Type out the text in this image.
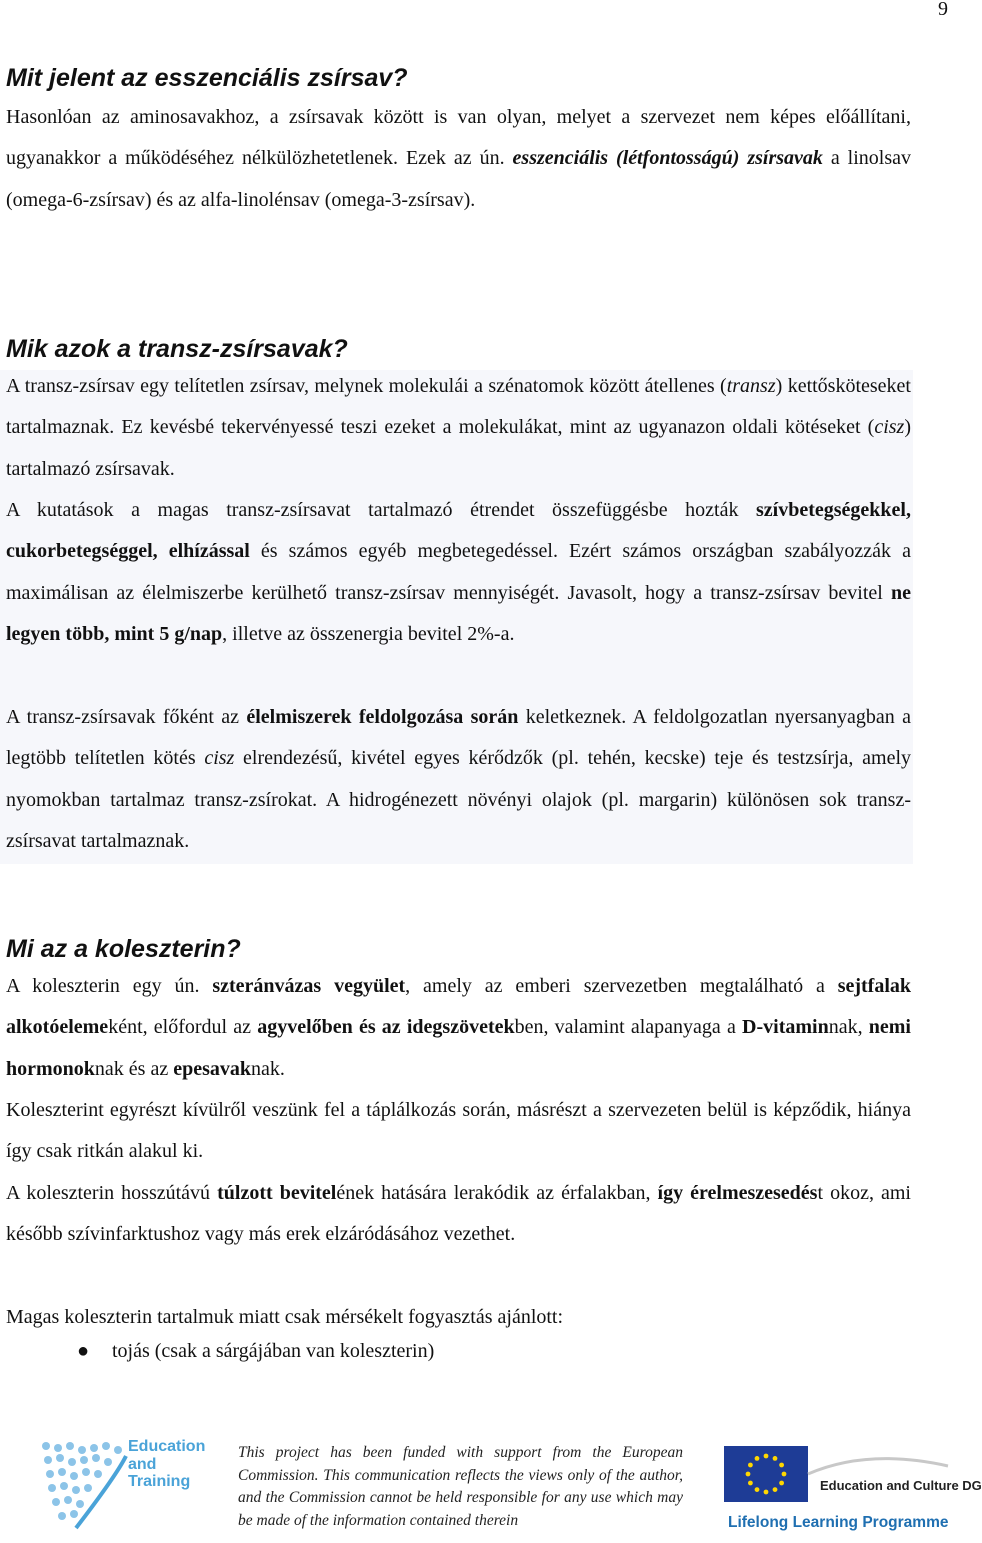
9
Mit jelent az esszenciális zsírsav?

Hasonlóan az aminosavakhoz, a zsírsavak között is van olyan, melyet a szervezet nem képes előállítani, ugyanakkor a működéséhez nélkülözhetetlenek. Ezek az ún. esszenciális (létfontosságú) zsírsavak a linolsav (omega-6-zsírsav) és az alfa-linolénsav (omega-3-zsírsav).

Mik azok a transz-zsírsavak?

A transz-zsírsav egy telítetlen zsírsav, melynek molekulái a szénatomok között átellenes (transz) kettősköteseket tartalmaznak. Ez kevésbé tekervényessé teszi ezeket a molekulákat, mint az ugyanazon oldali kötéseket (cisz) tartalmazó zsírsavak.

A kutatások a magas transz-zsírsavat tartalmazó étrendet összefüggésbe hozták szívbetegségekkel, cukorbetegséggel, elhízással és számos egyéb megbetegedéssel. Ezért számos országban szabályozzák a maximálisan az élelmiszerbe kerülhető transz-zsírsav mennyiségét. Javasolt, hogy a transz-zsírsav bevitel ne legyen több, mint 5 g/nap, illetve az összenergia bevitel 2%-a.

A transz-zsírsavak főként az élelmiszerek feldolgozása során keletkeznek. A feldolgozatlan nyersanyagban a legtöbb telítetlen kötés cisz elrendezésű, kivétel egyes kérődzők (pl. tehén, kecske) teje és testzsírja, amely nyomokban tartalmaz transz-zsírokat. A hidrogénezett növényi olajok (pl. margarin) különösen sok transz-zsírsavat tartalmaznak.

Mi az a koleszterin?

A koleszterin egy ún. szteránvázas vegyület, amely az emberi szervezetben megtalálható a sejtfalak alkotóelemeként, előfordul az agyvelőben és az idegszövetekben, valamint alapanyaga a D-vitaminnak, nemi hormonoknak és az epesavaknak.

Koleszterint egyrészt kívülről veszünk fel a táplálkozás során, másrészt a szervezeten belül is képződik, hiánya így csak ritkán alakul ki.

A koleszterin hosszútávú túlzott bevitelének hatására lerakódik az érfalakban, így érelmeszesedést okoz, ami később szívinfarktushoz vagy más erek elzáródásához vezethet.

Magas koleszterin tartalmuk miatt csak mérsékelt fogyasztás ajánlott:

● tojás (csak a sárgájában van koleszterin)
Education
and
Training
This project has been funded with support from the European Commission. This communication reflects the views only of the author, and the Commission cannot be held responsible for any use which may be made of the information contained therein
Education and Culture DG
Lifelong Learning Programme
